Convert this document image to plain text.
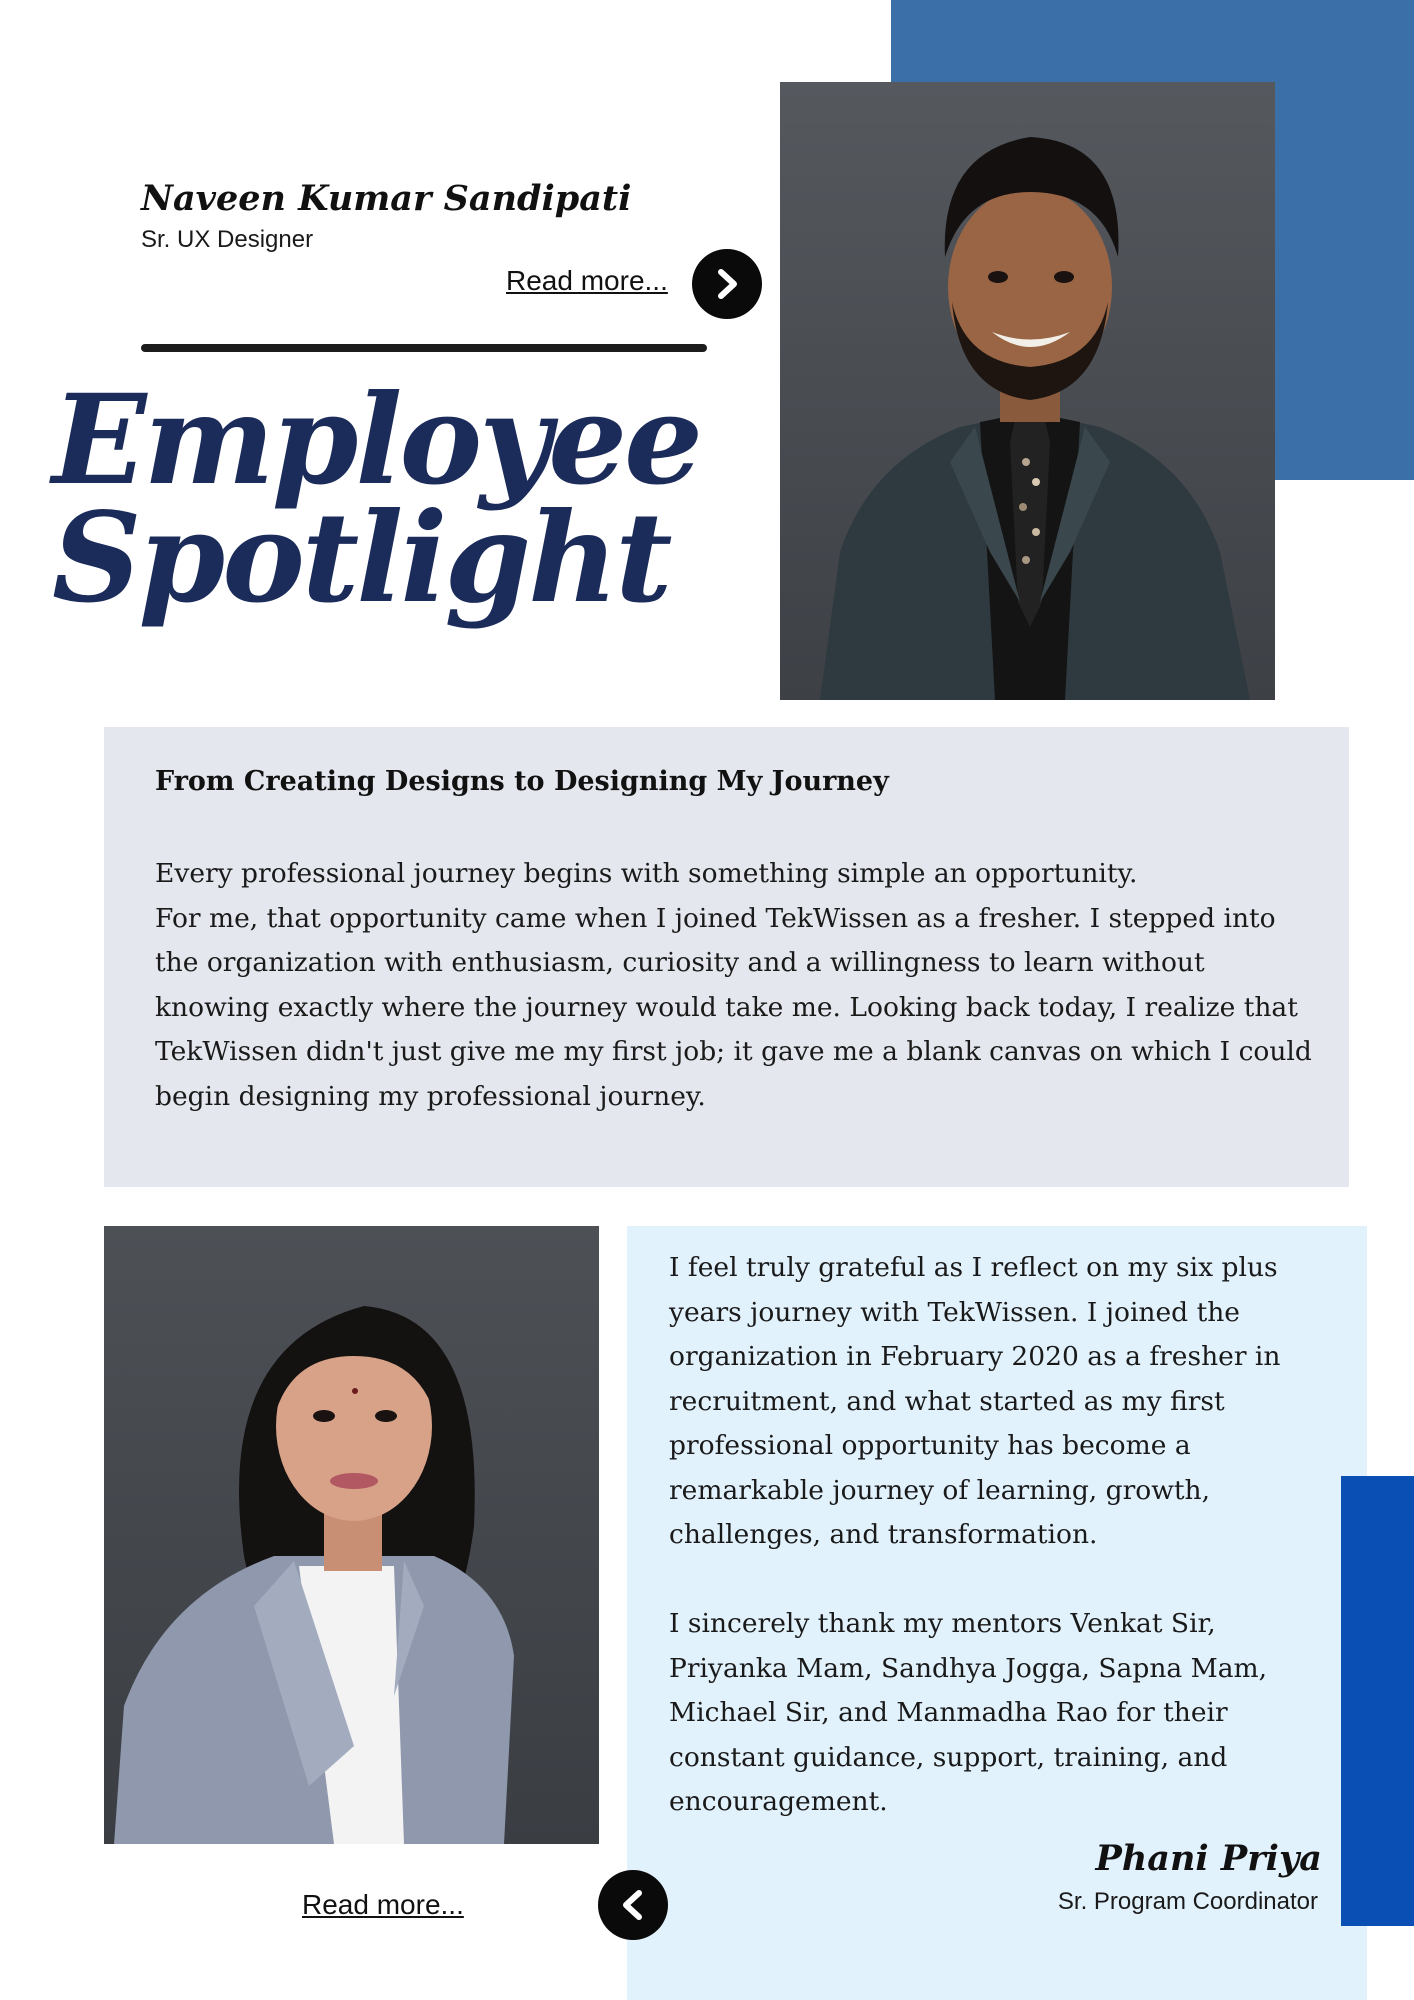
Naveen Kumar Sandipati
Sr. UX Designer
Read more...
Employee
Spotlight
From Creating Designs to Designing My Journey

Every professional journey begins with something simple an opportunity.

For me, that opportunity came when I joined TekWissen as a fresher. I stepped into the organization with enthusiasm, curiosity and a willingness to learn without knowing exactly where the journey would take me. Looking back today, I realize that TekWissen didn't just give me my first job; it gave me a blank canvas on which I could begin designing my professional journey.

I feel truly grateful as I reflect on my six plus years journey with TekWissen. I joined the organization in February 2020 as a fresher in recruitment, and what started as my first professional opportunity has become a remarkable journey of learning, growth, challenges, and transformation.

I sincerely thank my mentors Venkat Sir, Priyanka Mam, Sandhya Jogga, Sapna Mam, Michael Sir, and Manmadha Rao for their constant guidance, support, training, and encouragement.

Phani Priya
Sr. Program Coordinator
Read more...
